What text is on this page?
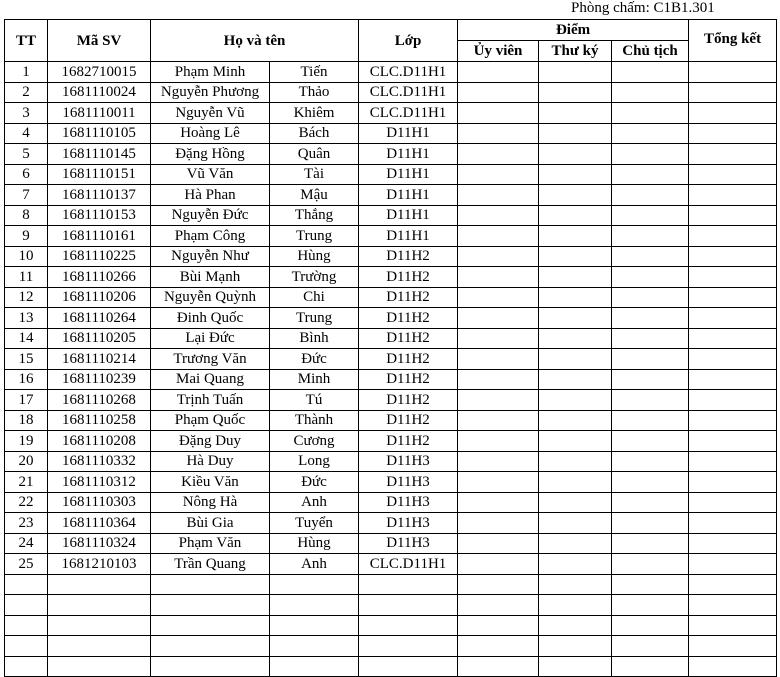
Phòng chấm: C1B1.301
TT	Mã SV	Họ và tên		Lớp	Điểm			Tổng kết
					Ủy viên	Thư ký	Chủ tịch	
1	1682710015	Phạm Minh	Tiến	CLC.D11H1				
2	1681110024	Nguyễn Phương	Thảo	CLC.D11H1				
3	1681110011	Nguyễn Vũ	Khiêm	CLC.D11H1				
4	1681110105	Hoàng Lê	Bách	D11H1				
5	1681110145	Đặng Hồng	Quân	D11H1				
6	1681110151	Vũ Văn	Tài	D11H1				
7	1681110137	Hà Phan	Mậu	D11H1				
8	1681110153	Nguyễn Đức	Thắng	D11H1				
9	1681110161	Phạm Công	Trung	D11H1				
10	1681110225	Nguyễn Như	Hùng	D11H2				
11	1681110266	Bùi Mạnh	Trường	D11H2				
12	1681110206	Nguyễn Quỳnh	Chi	D11H2				
13	1681110264	Đinh Quốc	Trung	D11H2				
14	1681110205	Lại Đức	Bình	D11H2				
15	1681110214	Trương Văn	Đức	D11H2				
16	1681110239	Mai Quang	Minh	D11H2				
17	1681110268	Trịnh Tuấn	Tú	D11H2				
18	1681110258	Phạm Quốc	Thành	D11H2				
19	1681110208	Đặng Duy	Cương	D11H2				
20	1681110332	Hà Duy	Long	D11H3				
21	1681110312	Kiều Văn	Đức	D11H3				
22	1681110303	Nông Hà	Anh	D11H3				
23	1681110364	Bùi Gia	Tuyển	D11H3				
24	1681110324	Phạm Văn	Hùng	D11H3				
25	1681210103	Trần Quang	Anh	CLC.D11H1				
